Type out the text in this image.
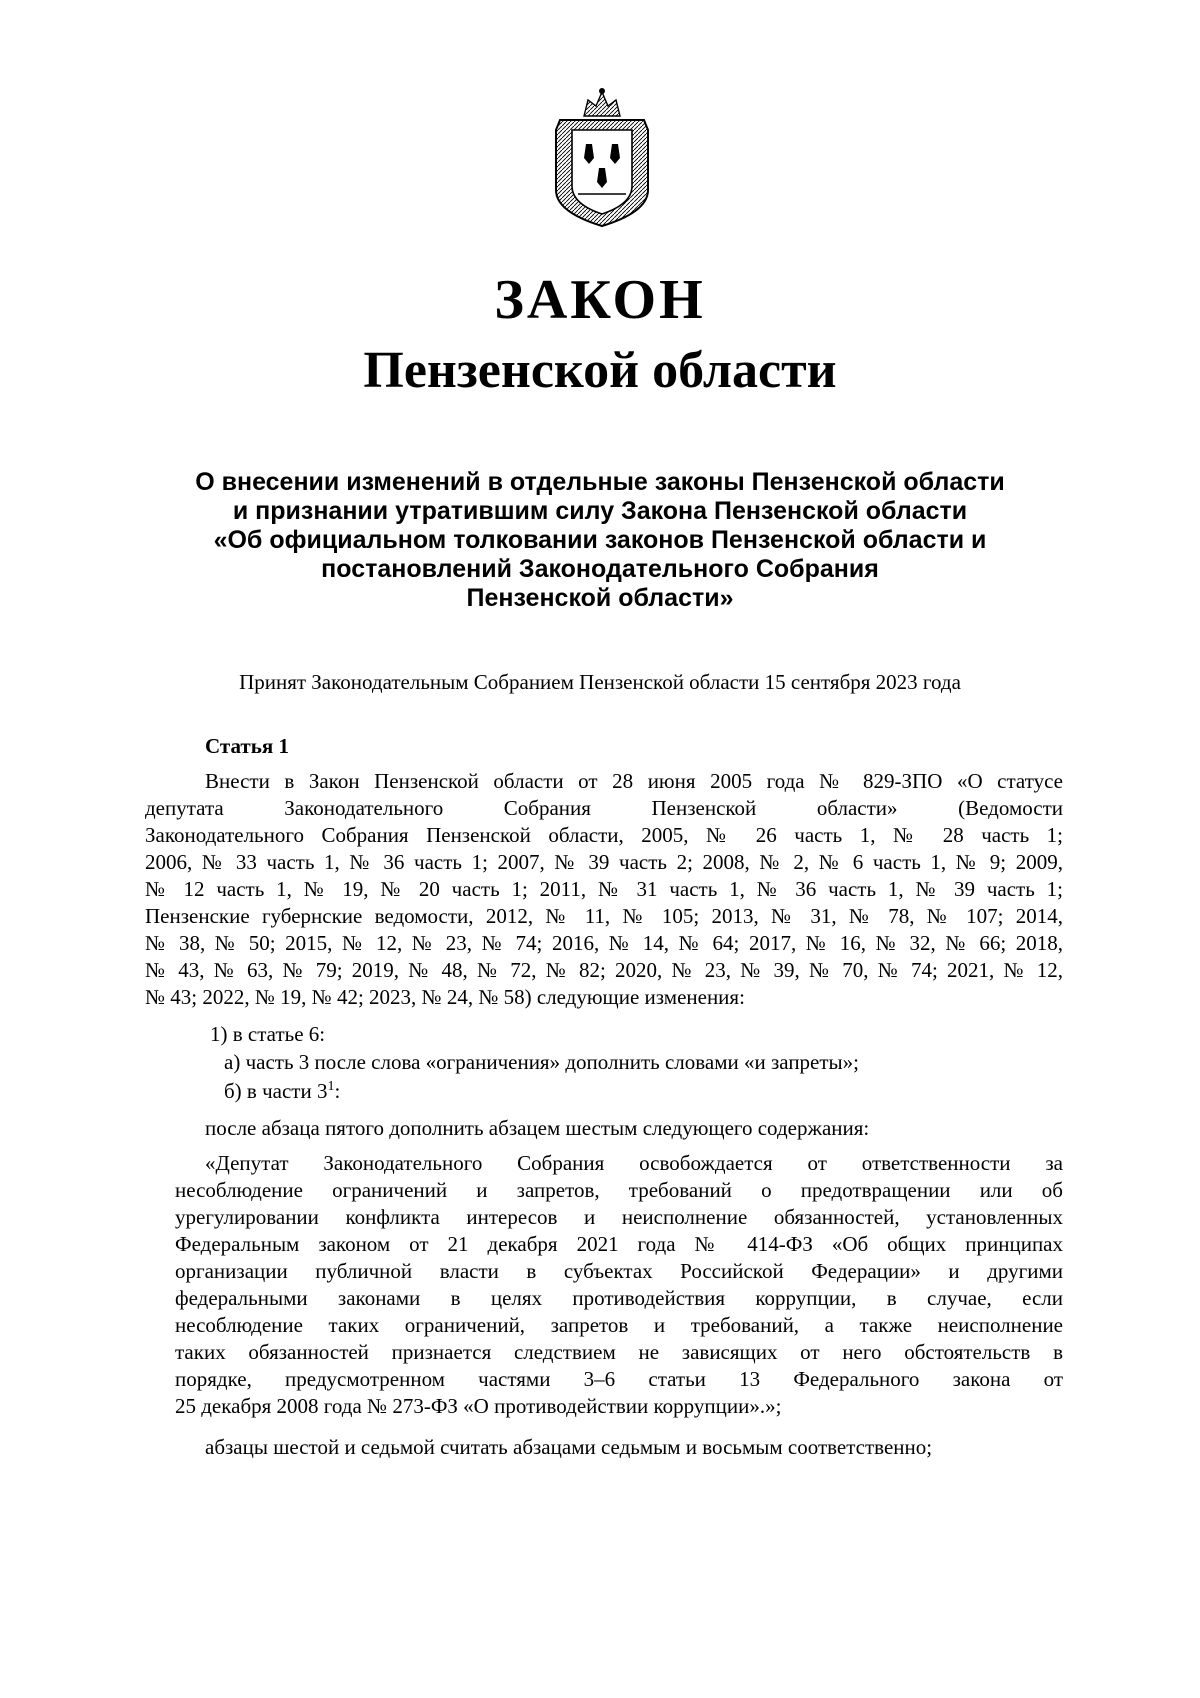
ЗАКОН
Пензенской области
О внесении изменений в отдельные законы Пензенской области
и признании утратившим силу Закона Пензенской области
«Об официальном толковании законов Пензенской области и
постановлений Законодательного Собрания
Пензенской области»
Принят Законодательным Собранием Пензенской области 15 сентября 2023 года
Статья 1
Внести в Закон Пензенской области от 28 июня 2005 года № 829-ЗПО «О статусе
депутата Законодательного Собрания Пензенской области» (Ведомости
Законодательного Собрания Пензенской области, 2005, № 26 часть 1, № 28 часть 1;
2006, № 33 часть 1, № 36 часть 1; 2007, № 39 часть 2; 2008, № 2, № 6 часть 1, № 9; 2009,
№ 12 часть 1, № 19, № 20 часть 1; 2011, № 31 часть 1, № 36 часть 1, № 39 часть 1;
Пензенские губернские ведомости, 2012, № 11, № 105; 2013, № 31, № 78, № 107; 2014,
№ 38, № 50; 2015, № 12, № 23, № 74; 2016, № 14, № 64; 2017, № 16, № 32, № 66; 2018,
№ 43, № 63, № 79; 2019, № 48, № 72, № 82; 2020, № 23, № 39, № 70, № 74; 2021, № 12,
№ 43; 2022, № 19, № 42; 2023, № 24, № 58) следующие изменения:
1) в статье 6:
а) часть 3 после слова «ограничения» дополнить словами «и запреты»;
б) в части $3^1$:
после абзаца пятого дополнить абзацем шестым следующего содержания:
«Депутат Законодательного Собрания освобождается от ответственности за
несоблюдение ограничений и запретов, требований о предотвращении или об
урегулировании конфликта интересов и неисполнение обязанностей, установленных
Федеральным законом от 21 декабря 2021 года № 414-ФЗ «Об общих принципах
организации публичной власти в субъектах Российской Федерации» и другими
федеральными законами в целях противодействия коррупции, в случае, если
несоблюдение таких ограничений, запретов и требований, а также неисполнение
таких обязанностей признается следствием не зависящих от него обстоятельств в
порядке, предусмотренном частями 3–6 статьи 13 Федерального закона от
25 декабря 2008 года № 273-ФЗ «О противодействии коррупции».»;
абзацы шестой и седьмой считать абзацами седьмым и восьмым соответственно;
